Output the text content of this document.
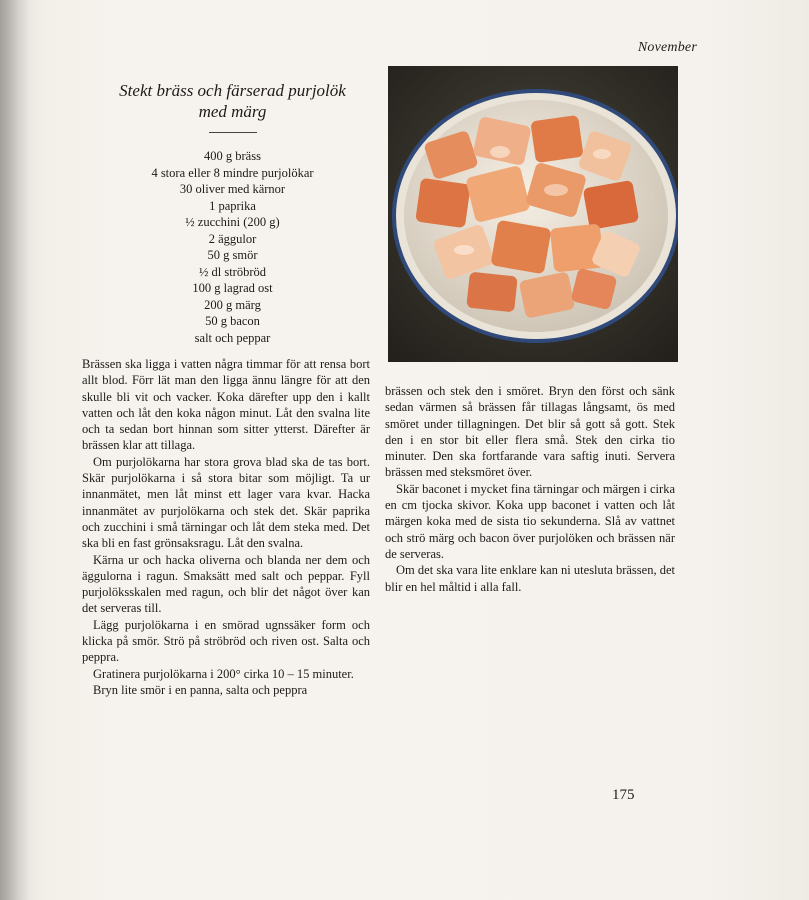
November
Stekt bräss och färserad purjolök
med märg
400 g bräss
4 stora eller 8 mindre purjolökar
30 oliver med kärnor
1 paprika
½ zucchini (200 g)
2 äggulor
50 g smör
½ dl ströbröd
100 g lagrad ost
200 g märg
50 g bacon
salt och peppar

Brässen ska ligga i vatten några timmar för att rensa bort allt blod. Förr lät man den ligga ännu längre för att den skulle bli vit och vacker. Koka därefter upp den i kallt vatten och låt den koka någon minut. Låt den svalna lite och ta sedan bort hinnan som sitter ytterst. Därefter är brässen klar att tillaga.

Om purjolökarna har stora grova blad ska de tas bort. Skär purjolökarna i så stora bitar som möjligt. Ta ur innanmätet, men låt minst ett lager vara kvar. Hacka innanmätet av purjolökarna och stek det. Skär paprika och zucchini i små tärningar och låt dem steka med. Det ska bli en fast grönsaksragu. Låt den svalna.

Kärna ur och hacka oliverna och blanda ner dem och äggulorna i ragun. Smaksätt med salt och peppar. Fyll purjolöksskalen med ragun, och blir det något över kan det serveras till.

Lägg purjolökarna i en smörad ugnssäker form och klicka på smör. Strö på ströbröd och riven ost. Salta och peppra.

Gratinera purjolökarna i 200° cirka 10 – 15 minuter.

Bryn lite smör i en panna, salta och peppra

brässen och stek den i smöret. Bryn den först och sänk sedan värmen så brässen får tillagas långsamt, ös med smöret under tillagningen. Det blir så gott så gott. Stek den i en stor bit eller flera små. Stek den cirka tio minuter. Den ska fortfarande vara saftig inuti. Servera brässen med steksmöret över.

Skär baconet i mycket fina tärningar och märgen i cirka en cm tjocka skivor. Koka upp baconet i vatten och låt märgen koka med de sista tio sekunderna. Slå av vattnet och strö märg och bacon över purjolöken och brässen när de serveras.

Om det ska vara lite enklare kan ni utesluta brässen, det blir en hel måltid i alla fall.

175
